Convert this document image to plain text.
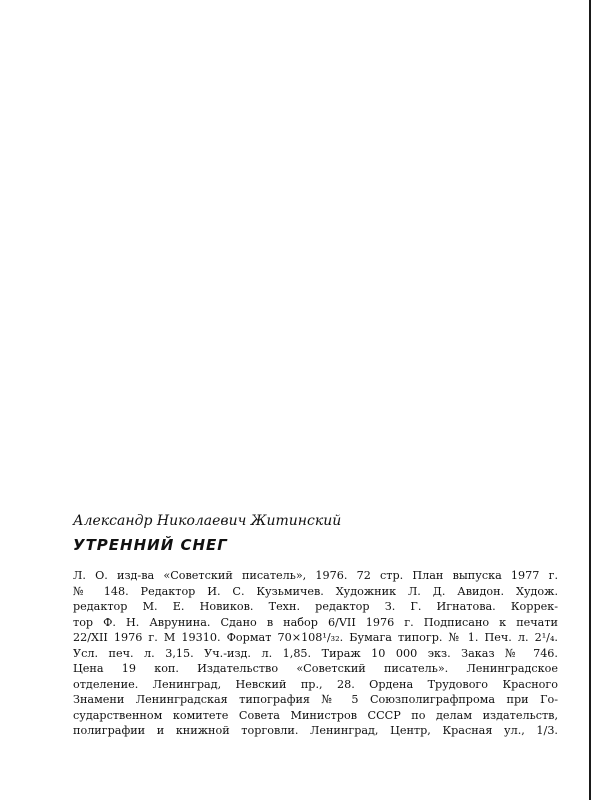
Александр Николаевич Житинский

УТРЕННИЙ СНЕГ

Л. О. изд-ва «Советский писатель», 1976. 72 стр. План выпуска 1977 г.
№ 148. Редактор И. С. Кузьмичев. Художник Л. Д. Авидон. Худож.
редактор М. Е. Новиков. Техн. редактор З. Г. Игнатова. Коррек-
тор Ф. Н. Аврунина. Сдано в набор 6/VII 1976 г. Подписано к печати
22/XII 1976 г. М 19310. Формат 70×108¹/₃₂. Бумага типогр. № 1. Печ. л. 2¹/₄.
Усл. печ. л. 3,15. Уч.-изд. л. 1,85. Тираж 10 000 экз. Заказ № 746.
Цена 19 коп. Издательство «Советский писатель». Ленинградское
отделение. Ленинград, Невский пр., 28. Ордена Трудового Красного
Знамени Ленинградская типография № 5 Союзполиграфпрома при Го-
сударственном комитете Совета Министров СССР по делам издательств,
полиграфии и книжной торговли. Ленинград, Центр, Красная ул., 1/3.
